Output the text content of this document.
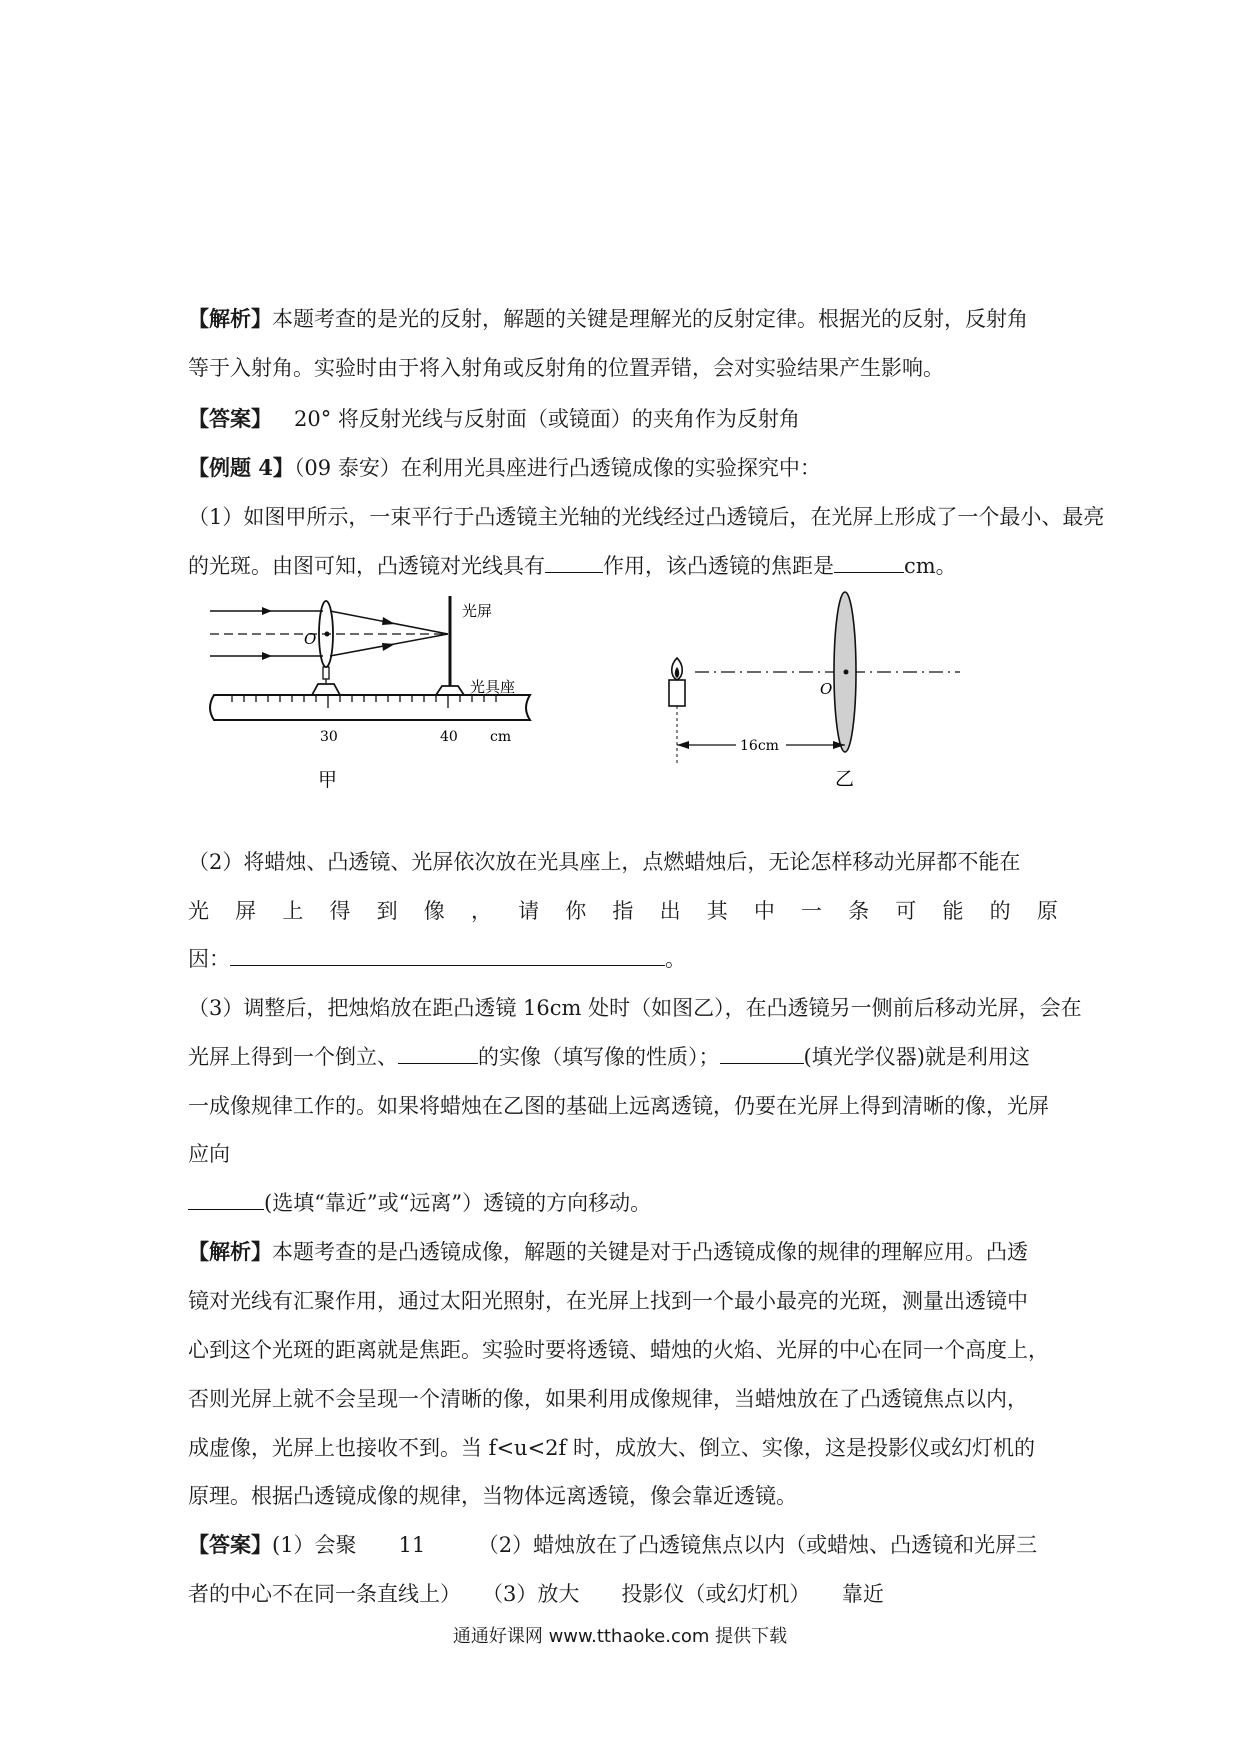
【解析】本题考查的是光的反射，解题的关键是理解光的反射定律。根据光的反射，反射角
等于入射角。实验时由于将入射角或反射角的位置弄错，会对实验结果产生影响。
【答案】 20° 将反射光线与反射面（或镜面）的夹角作为反射角
【例题 4】（09 泰安）在利用光具座进行凸透镜成像的实验探究中：
（1）如图甲所示，一束平行于凸透镜主光轴的光线经过凸透镜后，在光屏上形成了一个最小、最亮
的光斑。由图可知，凸透镜对光线具有	作用，该凸透镜的焦距是	cm。
O
光屏
光具座
30	40 cm
甲
O
16cm
乙
（2）将蜡烛、凸透镜、光屏依次放在光具座上，点燃蜡烛后，无论怎样移动光屏都不能在
光 屏 上 得 到 像 ， 请 你 指 出 其 中 一 条 可 能 的 原
因：	。
（3）调整后，把烛焰放在距凸透镜 16cm 处时（如图乙），在凸透镜另一侧前后移动光屏，会在
光屏上得到一个倒立、	的实像（填写像的性质）；	(填光学仪器)就是利用这
一成像规律工作的。如果将蜡烛在乙图的基础上远离透镜，仍要在光屏上得到清晰的像，光屏
应向
(选填“靠近”或“远离”）透镜的方向移动。
【解析】本题考查的是凸透镜成像，解题的关键是对于凸透镜成像的规律的理解应用。凸透
镜对光线有汇聚作用，通过太阳光照射，在光屏上找到一个最小最亮的光斑，测量出透镜中
心到这个光斑的距离就是焦距。实验时要将透镜、蜡烛的火焰、光屏的中心在同一个高度上，
否则光屏上就不会呈现一个清晰的像，如果利用成像规律，当蜡烛放在了凸透镜焦点以内，
成虚像，光屏上也接收不到。当 f<u<2f 时，成放大、倒立、实像，这是投影仪或幻灯机的
原理。根据凸透镜成像的规律，当物体远离透镜，像会靠近透镜。
【答案】(1）会聚　　11　　　（2）蜡烛放在了凸透镜焦点以内（或蜡烛、凸透镜和光屏三
者的中心不在同一条直线上）　　（3）放大　　投影仪（或幻灯机）　　靠近
通通好课网 www.tthaoke.com 提供下载
